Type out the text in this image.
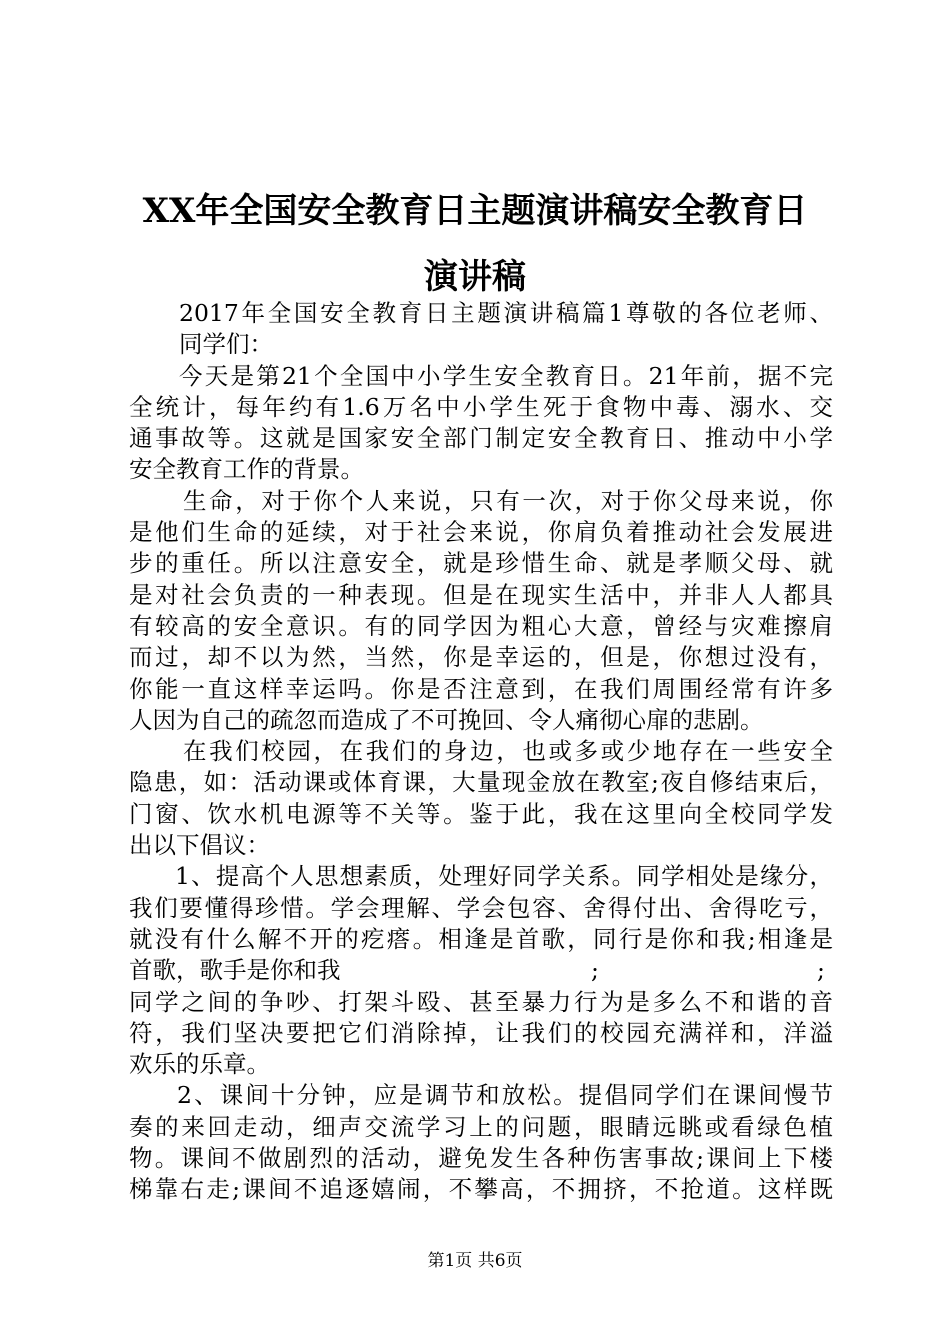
XX年全国安全教育日主题演讲稿安全教育日
演讲稿
2017年全国安全教育日主题演讲稿篇1尊敬的各位老师、
同学们：
今天是第21个全国中小学生安全教育日。21年前，据不完
全统计，每年约有1.6万名中小学生死于食物中毒、溺水、交
通事故等。这就是国家安全部门制定安全教育日、推动中小学
安全教育工作的背景。
生命，对于你个人来说，只有一次，对于你父母来说，你
是他们生命的延续，对于社会来说，你肩负着推动社会发展进
步的重任。所以注意安全，就是珍惜生命、就是孝顺父母、就
是对社会负责的一种表现。但是在现实生活中，并非人人都具
有较高的安全意识。有的同学因为粗心大意，曾经与灾难擦肩
而过，却不以为然，当然，你是幸运的，但是，你想过没有，
你能一直这样幸运吗。你是否注意到，在我们周围经常有许多
人因为自己的疏忽而造成了不可挽回、令人痛彻心扉的悲剧。
在我们校园，在我们的身边，也或多或少地存在一些安全
隐患，如：活动课或体育课，大量现金放在教室;夜自修结束后，
门窗、饮水机电源等不关等。鉴于此，我在这里向全校同学发
出以下倡议：
1、提高个人思想素质，处理好同学关系。同学相处是缘分，
我们要懂得珍惜。学会理解、学会包容、舍得付出、舍得吃亏，
就没有什么解不开的疙瘩。相逢是首歌，同行是你和我;相逢是
首歌，歌手是你和我	;	;
同学之间的争吵、打架斗殴、甚至暴力行为是多么不和谐的音
符，我们坚决要把它们消除掉，让我们的校园充满祥和，洋溢
欢乐的乐章。
2、课间十分钟，应是调节和放松。提倡同学们在课间慢节
奏的来回走动，细声交流学习上的问题，眼睛远眺或看绿色植
物。课间不做剧烈的活动，避免发生各种伤害事故;课间上下楼
梯靠右走;课间不追逐嬉闹，不攀高，不拥挤，不抢道。这样既
第1页 共6页
